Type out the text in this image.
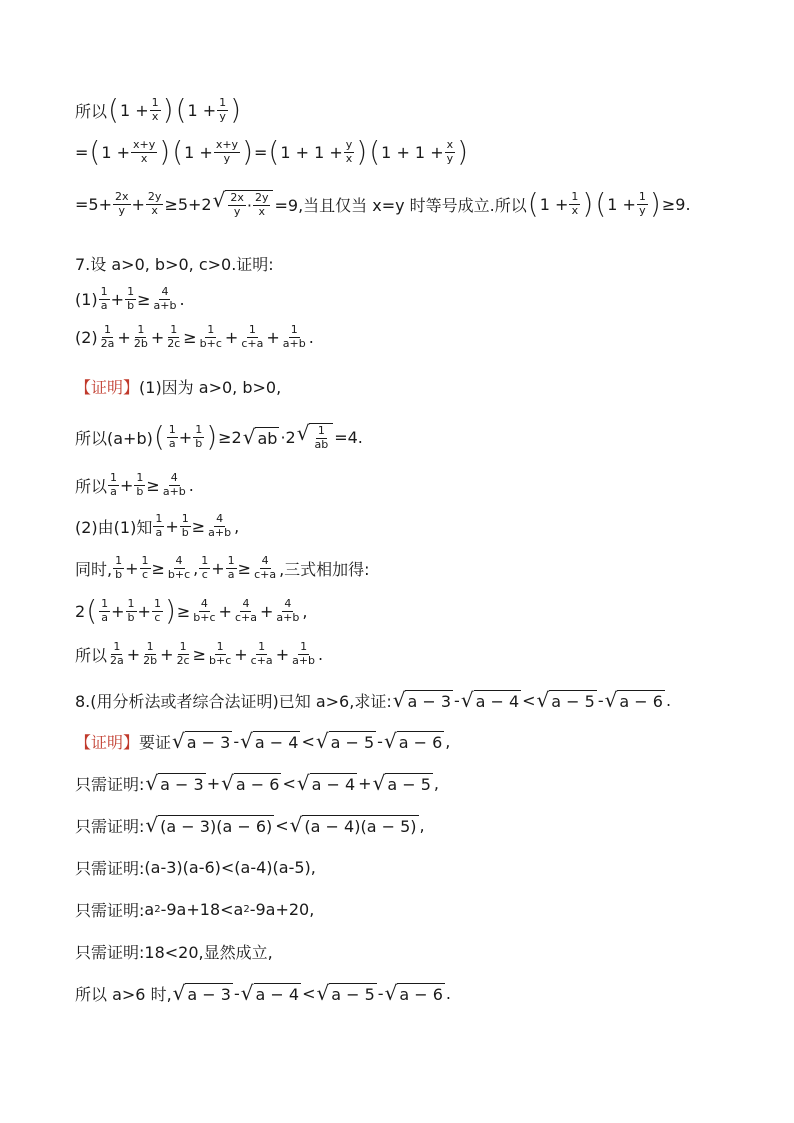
所以 ( $1 + \frac{1}{x}$ ) ( $1 + \frac{1}{y}$ )
= ( $1 + \frac{x+y}{x}$ ) ( $1 + \frac{x+y}{y}$ ) = ( $1 + 1 + \frac{y}{x}$ ) ( $1 + 1 + \frac{x}{y}$ )
$=5+ \frac{2x}{y} + \frac{2y}{x} \ge 5+2$ √ $\frac{2x}{y} \cdot \frac{2y}{x} =9$,当且仅当 x=y 时等号成立.所以 ( $1 + \frac{1}{x}$ ) ( $1 + \frac{1}{y}$ ) ≥9.
7.设 a>0, b>0, c>0.证明:
$(1) \frac{1}{a} + \frac{1}{b} \ge \frac{4}{a+b}$ .
$(2) \frac{1}{2a} + \frac{1}{2b} + \frac{1}{2c} \ge \frac{1}{b+c} + \frac{1}{c+a} + \frac{1}{a+b}$ .
【证明】 (1)因为 a>0, b>0,
所以(a+b) ( $\frac{1}{a} + \frac{1}{b}$ ) ≥2 √ ab ·2 √ $\frac{1}{ab} =4$.
所以 $\frac{1}{a} + \frac{1}{b} \ge \frac{4}{a+b}$ .
(2)由(1)知 $\frac{1}{a} + \frac{1}{b} \ge \frac{4}{a+b}$ ,
同时, $\frac{1}{b} + \frac{1}{c} \ge \frac{4}{b+c}$ , $\frac{1}{c} + \frac{1}{a} \ge \frac{4}{c+a}$ ,三式相加得:
2 ( $\frac{1}{a} + \frac{1}{b} + \frac{1}{c}$ ) ≥ $\frac{4}{b+c} + \frac{4}{c+a} + \frac{4}{a+b}$ ,
所以 $\frac{1}{2a} + \frac{1}{2b} + \frac{1}{2c} \ge \frac{1}{b+c} + \frac{1}{c+a} + \frac{1}{a+b}$ .
8.(用分析法或者综合法证明)已知 a>6,求证: √ a − 3 - √ a − 4 < √ a − 5 - √ a − 6 .
【证明】 要证 √ a − 3 - √ a − 4 < √ a − 5 - √ a − 6 ,
只需证明: √ a − 3 + √ a − 6 < √ a − 4 + √ a − 5 ,
只需证明: √ (a − 3)(a − 6) < √ (a − 4)(a − 5) ,
只需证明: (a-3)(a-6)<(a-4)(a-5),
只需证明: a 2 -9a+18<a 2 -9a+20,
只需证明: 18<20,显然成立,
所以 a>6 时, √ a − 3 - √ a − 4 < √ a − 5 - √ a − 6 .
